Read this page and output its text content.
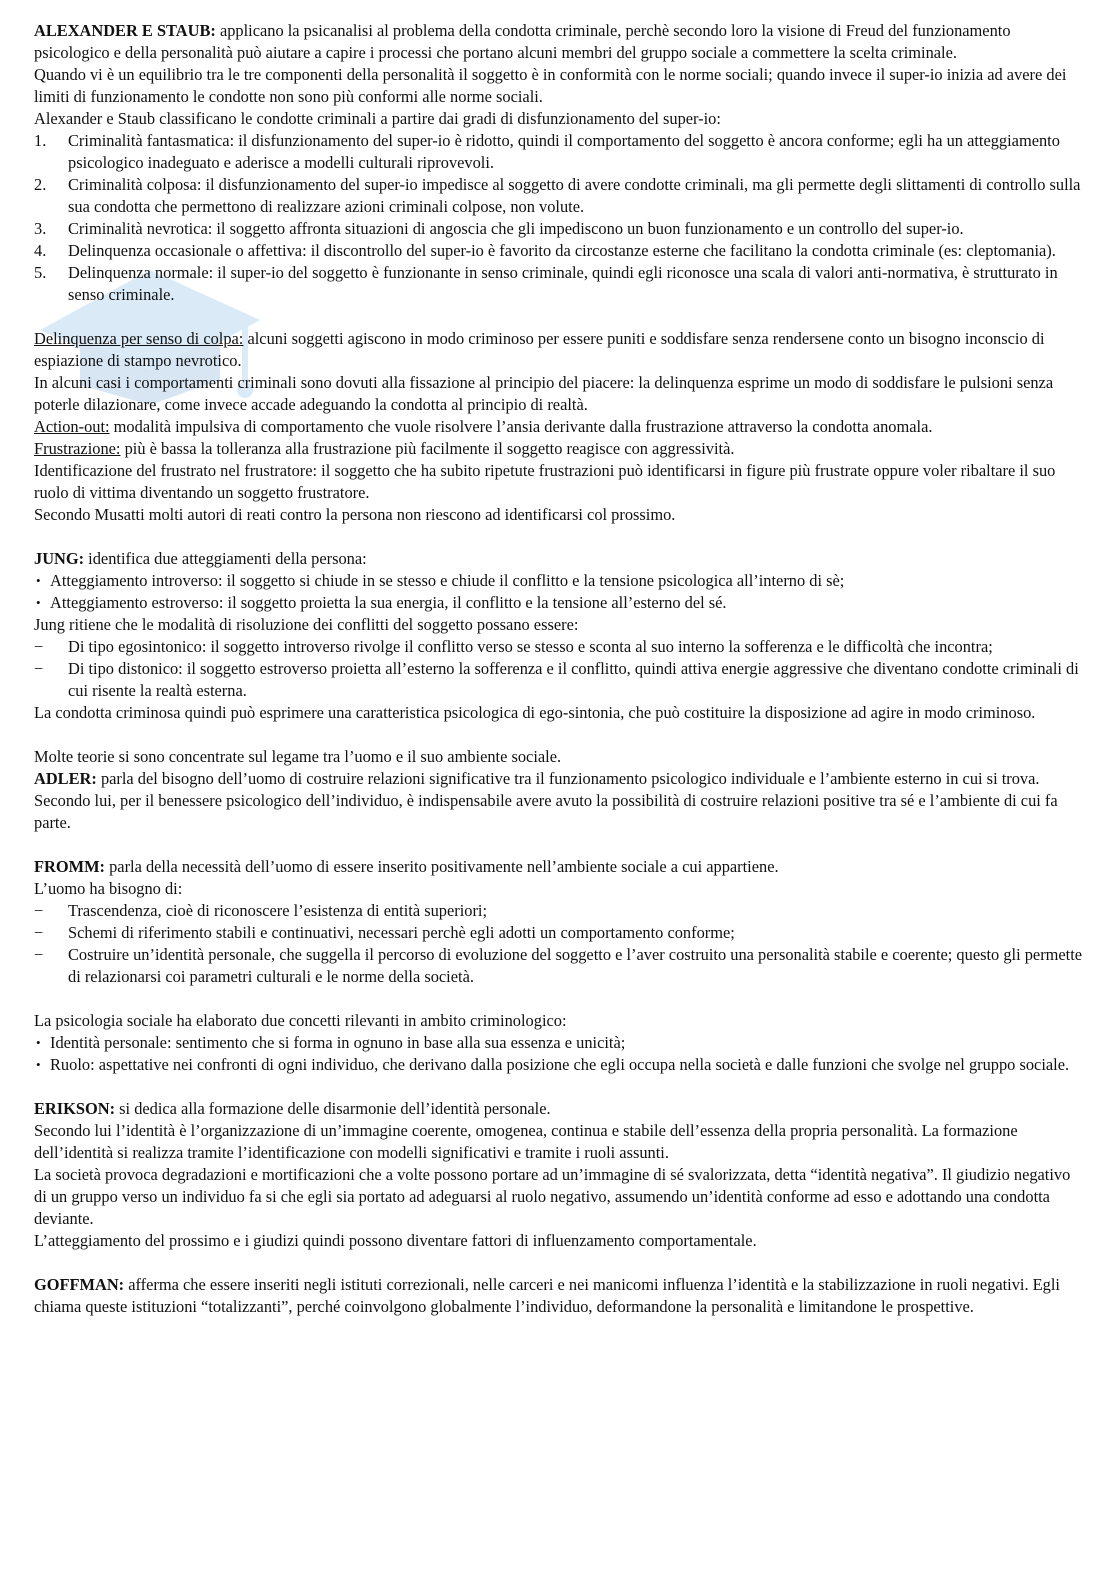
ALEXANDER E STAUB: applicano la psicanalisi al problema della condotta criminale, perchè secondo loro la visione di Freud del funzionamento psicologico e della personalità può aiutare a capire i processi che portano alcuni membri del gruppo sociale a commettere la scelta criminale.

Quando vi è un equilibrio tra le tre componenti della personalità il soggetto è in conformità con le norme sociali; quando invece il super-io inizia ad avere dei limiti di funzionamento le condotte non sono più conformi alle norme sociali.

Alexander e Staub classificano le condotte criminali a partire dai gradi di disfunzionamento del super-io:

1. Criminalità fantasmatica: il disfunzionamento del super-io è ridotto, quindi il comportamento del soggetto è ancora conforme; egli ha un atteggiamento psicologico inadeguato e aderisce a modelli culturali riprovevoli.
2. Criminalità colposa: il disfunzionamento del super-io impedisce al soggetto di avere condotte criminali, ma gli permette degli slittamenti di controllo sulla sua condotta che permettono di realizzare azioni criminali colpose, non volute.
3. Criminalità nevrotica: il soggetto affronta situazioni di angoscia che gli impediscono un buon funzionamento e un controllo del super-io.
4. Delinquenza occasionale o affettiva: il discontrollo del super-io è favorito da circostanze esterne che facilitano la condotta criminale (es: cleptomania).
5. Delinquenza normale: il super-io del soggetto è funzionante in senso criminale, quindi egli riconosce una scala di valori anti-normativa, è strutturato in senso criminale.

Delinquenza per senso di colpa: alcuni soggetti agiscono in modo criminoso per essere puniti e soddisfare senza rendersene conto un bisogno inconscio di espiazione di stampo nevrotico.

In alcuni casi i comportamenti criminali sono dovuti alla fissazione al principio del piacere: la delinquenza esprime un modo di soddisfare le pulsioni senza poterle dilazionare, come invece accade adeguando la condotta al principio di realtà.

Action-out: modalità impulsiva di comportamento che vuole risolvere l’ansia derivante dalla frustrazione attraverso la condotta anomala.

Frustrazione: più è bassa la tolleranza alla frustrazione più facilmente il soggetto reagisce con aggressività.

Identificazione del frustrato nel frustratore: il soggetto che ha subito ripetute frustrazioni può identificarsi in figure più frustrate oppure voler ribaltare il suo ruolo di vittima diventando un soggetto frustratore.

Secondo Musatti molti autori di reati contro la persona non riescono ad identificarsi col prossimo.

JUNG: identifica due atteggiamenti della persona:

• Atteggiamento introverso: il soggetto si chiude in se stesso e chiude il conflitto e la tensione psicologica all’interno di sè;
• Atteggiamento estroverso: il soggetto proietta la sua energia, il conflitto e la tensione all’esterno del sé.

Jung ritiene che le modalità di risoluzione dei conflitti del soggetto possano essere:

− Di tipo egosintonico: il soggetto introverso rivolge il conflitto verso se stesso e sconta al suo interno la sofferenza e le difficoltà che incontra;
− Di tipo distonico: il soggetto estroverso proietta all’esterno la sofferenza e il conflitto, quindi attiva energie aggressive che diventano condotte criminali di cui risente la realtà esterna.

La condotta criminosa quindi può esprimere una caratteristica psicologica di ego-sintonia, che può costituire la disposizione ad agire in modo criminoso.

Molte teorie si sono concentrate sul legame tra l’uomo e il suo ambiente sociale.

ADLER: parla del bisogno dell’uomo di costruire relazioni significative tra il funzionamento psicologico individuale e l’ambiente esterno in cui si trova. Secondo lui, per il benessere psicologico dell’individuo, è indispensabile avere avuto la possibilità di costruire relazioni positive tra sé e l’ambiente di cui fa parte.

FROMM: parla della necessità dell’uomo di essere inserito positivamente nell’ambiente sociale a cui appartiene.

L’uomo ha bisogno di:

− Trascendenza, cioè di riconoscere l’esistenza di entità superiori;
− Schemi di riferimento stabili e continuativi, necessari perchè egli adotti un comportamento conforme;
− Costruire un’identità personale, che suggella il percorso di evoluzione del soggetto e l’aver costruito una personalità stabile e coerente; questo gli permette di relazionarsi coi parametri culturali e le norme della società.

La psicologia sociale ha elaborato due concetti rilevanti in ambito criminologico:

• Identità personale: sentimento che si forma in ognuno in base alla sua essenza e unicità;
• Ruolo: aspettative nei confronti di ogni individuo, che derivano dalla posizione che egli occupa nella società e dalle funzioni che svolge nel gruppo sociale.

ERIKSON: si dedica alla formazione delle disarmonie dell’identità personale.

Secondo lui l’identità è l’organizzazione di un’immagine coerente, omogenea, continua e stabile dell’essenza della propria personalità. La formazione dell’identità si realizza tramite l’identificazione con modelli significativi e tramite i ruoli assunti.

La società provoca degradazioni e mortificazioni che a volte possono portare ad un’immagine di sé svalorizzata, detta “identità negativa”. Il giudizio negativo di un gruppo verso un individuo fa si che egli sia portato ad adeguarsi al ruolo negativo, assumendo un’identità conforme ad esso e adottando una condotta deviante.

L’atteggiamento del prossimo e i giudizi quindi possono diventare fattori di influenzamento comportamentale.

GOFFMAN: afferma che essere inseriti negli istituti correzionali, nelle carceri e nei manicomi influenza l’identità e la stabilizzazione in ruoli negativi. Egli chiama queste istituzioni “totalizzanti”, perché coinvolgono globalmente l’individuo, deformandone la personalità e limitandone le prospettive.
